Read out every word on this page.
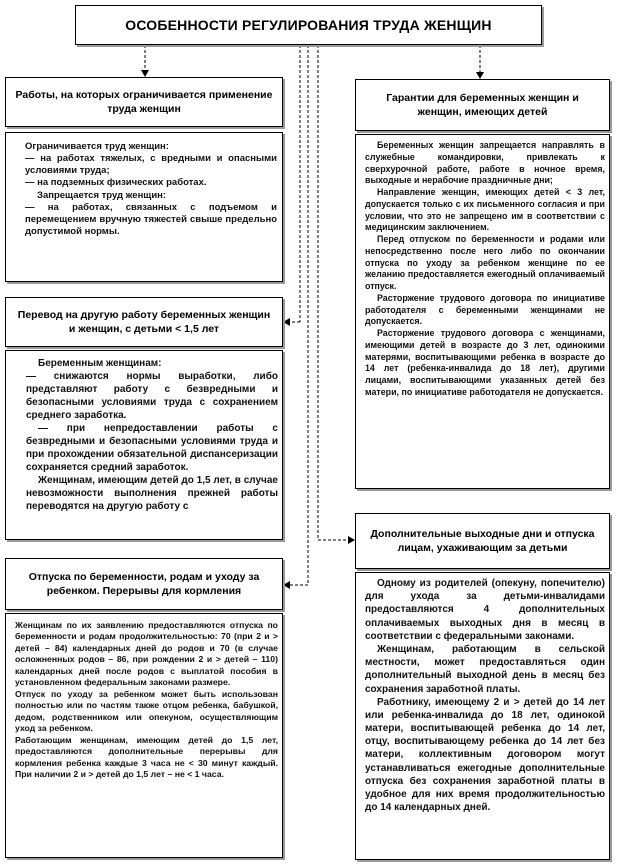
ОСОБЕННОСТИ РЕГУЛИРОВАНИЯ ТРУДА ЖЕНЩИН
Работы, на которых ограничивается применение труда женщин

Ограничивается труд женщин:

— на работах тяжелых, с вредными и опасными условиями труда;

— на подземных физических работах.

Запрещается труд женщин:

— на работах, связанных с подъемом и перемещением вручную тяжестей свыше предельно допустимой нормы.

Перевод на другую работу беременных женщин и женщин, с детьми < 1,5 лет

Беременным женщинам:

— снижаются нормы выработки, либо представляют работу с безвредными и безопасными условиями труда с сохранением среднего заработка.

— при непредоставлении работы с безвредными и безопасными условиями труда и при прохождении обязательной диспансеризации сохраняется средний заработок.

Женщинам, имеющим детей до 1,5 лет, в случае невозможности выполнения прежней работы переводятся на другую работу с

Отпуска по беременности, родам и уходу за ребенком. Перерывы для кормления

Женщинам по их заявлению предоставляются отпуска по беременности и родам продолжительностью: 70 (при 2 и > детей – 84) календарных дней до родов и 70 (в случае осложненных родов – 86, при рождении 2 и > детей – 110) календарных дней после родов с выплатой пособия в установленном федеральным законами размере.

Отпуск по уходу за ребенком может быть использован полностью или по частям также отцом ребенка, бабушкой, дедом, родственником или опекуном, осуществляющим уход за ребенком.

Работающим женщинам, имеющим детей до 1,5 лет, предоставляются дополнительные перерывы для кормления ребенка каждые 3 часа не < 30 минут каждый. При наличии 2 и > детей до 1,5 лет – не < 1 часа.

Гарантии для беременных женщин и женщин, имеющих детей

Беременных женщин запрещается направлять в служебные командировки, привлекать к сверхурочной работе, работе в ночное время, выходные и нерабочие праздничные дни;

Направление женщин, имеющих детей < 3 лет, допускается только с их письменного согласия и при условии, что это не запрещено им в соответствии с медицинским заключением.

Перед отпуском по беременности и родами или непосредственно после него либо по окончании отпуска по уходу за ребенком женщине по ее желанию предоставляется ежегодный оплачиваемый отпуск.

Расторжение трудового договора по инициативе работодателя с беременными женщинами не допускается.

Расторжение трудового договора с женщинами, имеющими детей в возрасте до 3 лет, одинокими матерями, воспитывающими ребенка в возрасте до 14 лет (ребенка-инвалида до 18 лет), другими лицами, воспитывающими указанных детей без матери, по инициативе работодателя не допускается.

Дополнительные выходные дни и отпуска лицам, ухаживающим за детьми

Одному из родителей (опекуну, попечителю) для ухода за детьми-инвалидами предоставляются 4 дополнительных оплачиваемых выходных дня в месяц в соответствии с федеральными законами.

Женщинам, работающим в сельской местности, может предоставляться один дополнительный выходной день в месяц без сохранения заработной платы.

Работнику, имеющему 2 и > детей до 14 лет или ребенка-инвалида до 18 лет, одинокой матери, воспитывающей ребенка до 14 лет, отцу, воспитывающему ребенка до 14 лет без матери, коллективным договором могут устанавливаться ежегодные дополнительные отпуска без сохранения заработной платы в удобное для них время продолжительностью до 14 календарных дней.
